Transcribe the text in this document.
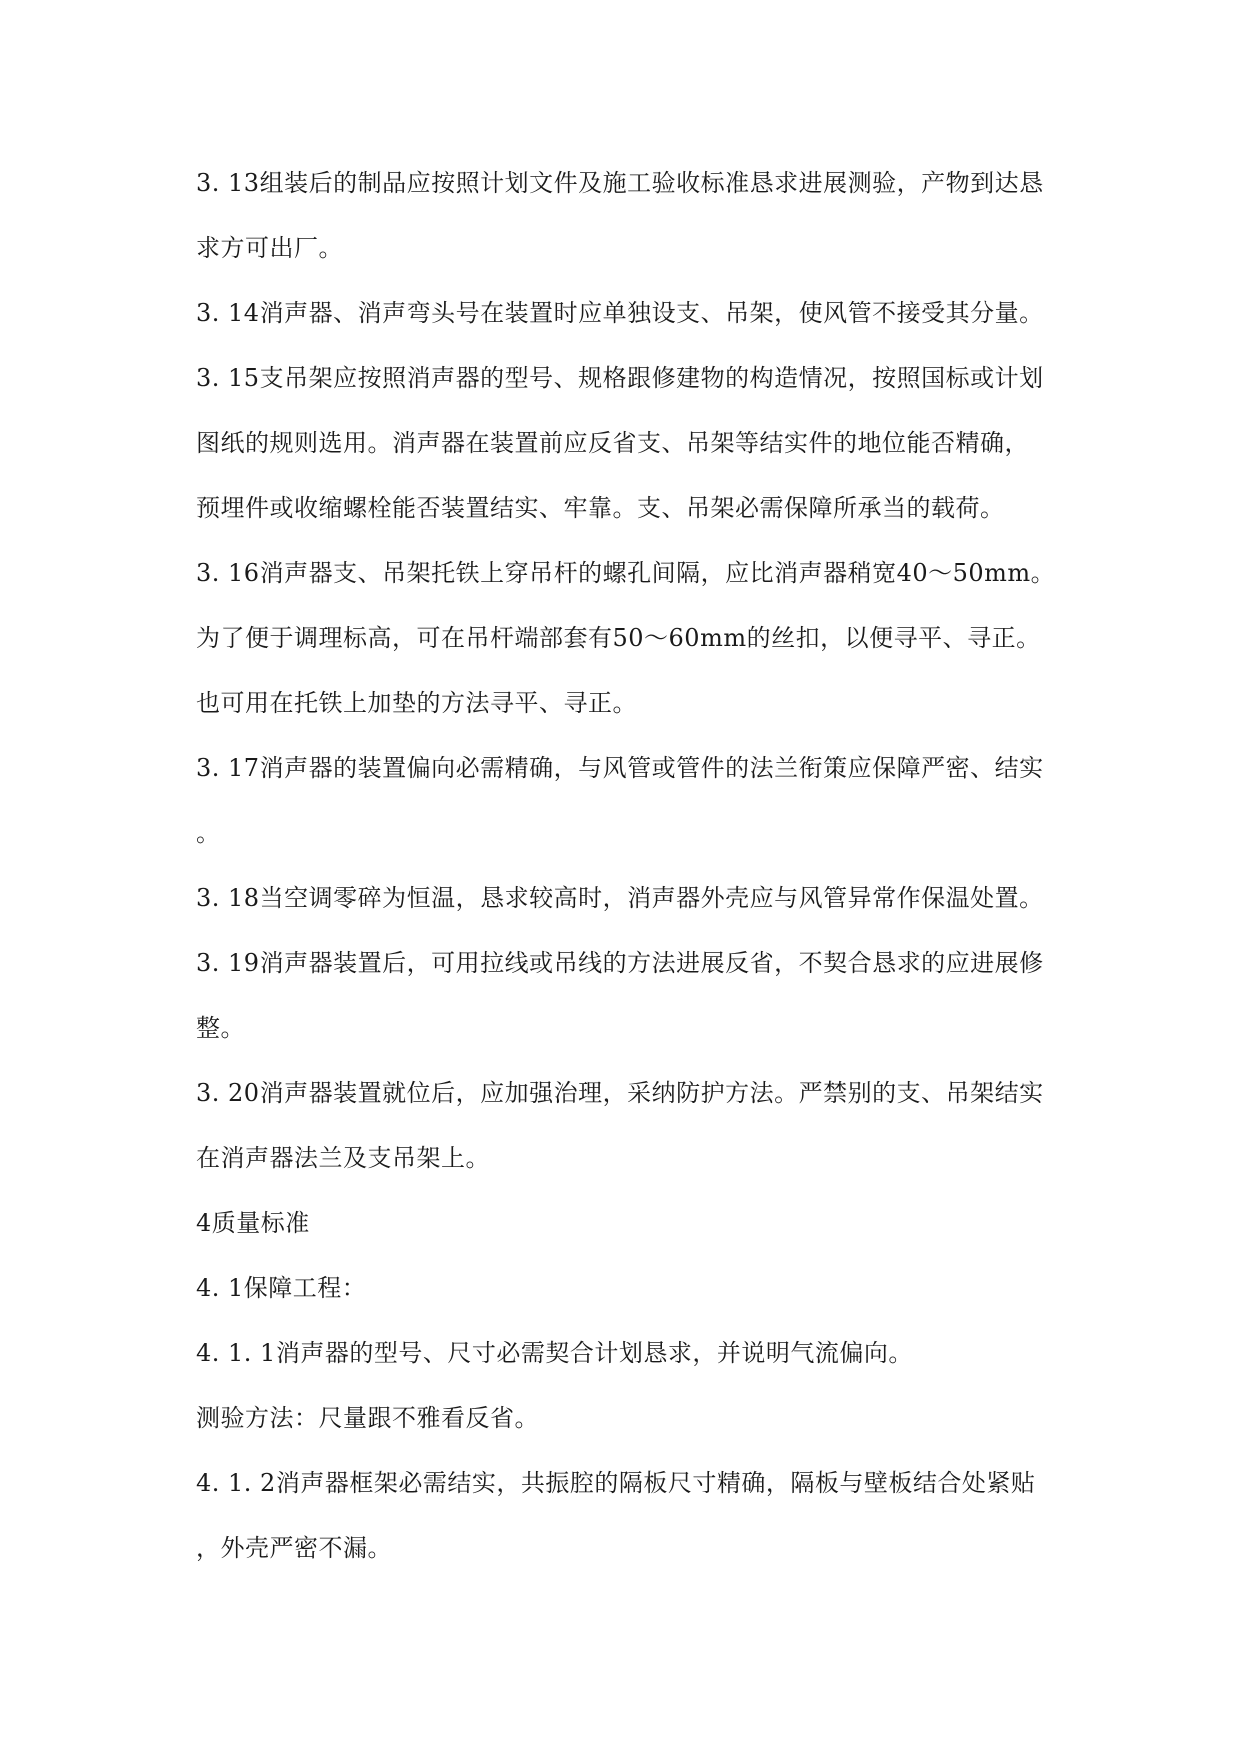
3. 13组装后的制品应按照计划文件及施工验收标准恳求进展测验，产物到达恳
求方可出厂。
3. 14消声器、消声弯头号在装置时应单独设支、吊架，使风管不接受其分量。
3. 15支吊架应按照消声器的型号、规格跟修建物的构造情况，按照国标或计划
图纸的规则选用。消声器在装置前应反省支、吊架等结实件的地位能否精确，
预埋件或收缩螺栓能否装置结实、牢靠。支、吊架必需保障所承当的载荷。
3. 16消声器支、吊架托铁上穿吊杆的螺孔间隔，应比消声器稍宽40～50mm。
为了便于调理标高，可在吊杆端部套有50～60mm的丝扣，以便寻平、寻正。
也可用在托铁上加垫的方法寻平、寻正。
3. 17消声器的装置偏向必需精确，与风管或管件的法兰衔策应保障严密、结实
。
3. 18当空调零碎为恒温，恳求较高时，消声器外壳应与风管异常作保温处置。
3. 19消声器装置后，可用拉线或吊线的方法进展反省，不契合恳求的应进展修
整。
3. 20消声器装置就位后，应加强治理，采纳防护方法。严禁别的支、吊架结实
在消声器法兰及支吊架上。
4质量标准
4. 1保障工程：
4. 1. 1消声器的型号、尺寸必需契合计划恳求，并说明气流偏向。
测验方法：尺量跟不雅看反省。
4. 1. 2消声器框架必需结实，共振腔的隔板尺寸精确，隔板与壁板结合处紧贴
，外壳严密不漏。
